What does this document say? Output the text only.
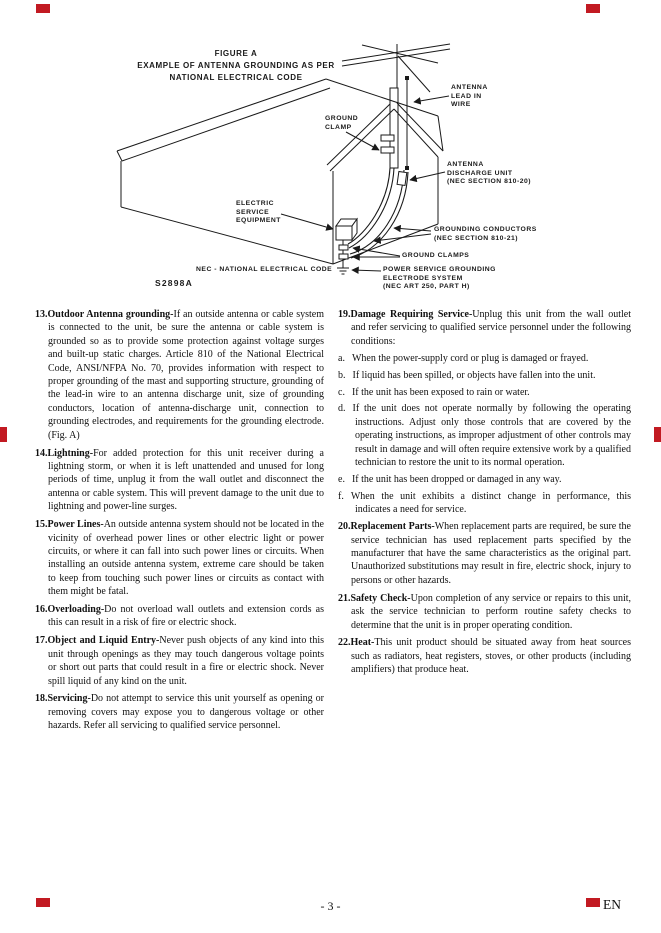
FIGURE A
EXAMPLE OF ANTENNA GROUNDING AS PER
NATIONAL ELECTRICAL CODE
ANTENNA
LEAD IN
WIRE
GROUND
CLAMP
ANTENNA
DISCHARGE UNIT
(NEC SECTION 810-20)
ELECTRIC
SERVICE
EQUIPMENT
GROUNDING CONDUCTORS
(NEC SECTION 810-21)
GROUND CLAMPS
POWER SERVICE GROUNDING
ELECTRODE SYSTEM
(NEC ART 250, PART H)
NEC - NATIONAL ELECTRICAL CODE
S2898A

13.Outdoor Antenna grounding-If an outside antenna or cable system is connected to the unit, be sure the antenna or cable system is grounded so as to provide some protection against voltage surges and built-up static charges. Article 810 of the National Electrical Code, ANSI/NFPA No. 70, provides information with respect to proper grounding of the mast and supporting structure, grounding of the lead-in wire to an antenna discharge unit, size of grounding conductors, location of antenna-discharge unit, connection to grounding electrodes, and requirements for the grounding electrode. (Fig. A)

14.Lightning-For added protection for this unit receiver during a lightning storm, or when it is left unattended and unused for long periods of time, unplug it from the wall outlet and disconnect the antenna or cable system. This will prevent damage to the unit due to lightning and power-line surges.

15.Power Lines-An outside antenna system should not be located in the vicinity of overhead power lines or other electric light or power circuits, or where it can fall into such power lines or circuits. When installing an outside antenna system, extreme care should be taken to keep from touching such power lines or circuits as contact with them might be fatal.

16.Overloading-Do not overload wall outlets and extension cords as this can result in a risk of fire or electric shock.

17.Object and Liquid Entry-Never push objects of any kind into this unit through openings as they may touch dangerous voltage points or short out parts that could result in a fire or electric shock. Never spill liquid of any kind on the unit.

18.Servicing-Do not attempt to service this unit yourself as opening or removing covers may expose you to dangerous voltage or other hazards. Refer all servicing to qualified service personnel.

19.Damage Requiring Service-Unplug this unit from the wall outlet and refer servicing to qualified service personnel under the following conditions:

a. When the power-supply cord or plug is damaged or frayed.

b. If liquid has been spilled, or objects have fallen into the unit.

c. If the unit has been exposed to rain or water.

d. If the unit does not operate normally by following the operating instructions. Adjust only those controls that are covered by the operating instructions, as improper adjustment of other controls may result in damage and will often require extensive work by a qualified technician to restore the unit to its normal operation.

e. If the unit has been dropped or damaged in any way.

f. When the unit exhibits a distinct change in performance, this indicates a need for service.

20.Replacement Parts-When replacement parts are required, be sure the service technician has used replacement parts specified by the manufacturer that have the same characteristics as the original part. Unauthorized substitutions may result in fire, electric shock, injury to persons or other hazards.

21.Safety Check-Upon completion of any service or repairs to this unit, ask the service technician to perform routine safety checks to determine that the unit is in proper operating condition.

22.Heat-This unit product should be situated away from heat sources such as radiators, heat registers, stoves, or other products (including amplifiers) that produce heat.

- 3 -	EN
